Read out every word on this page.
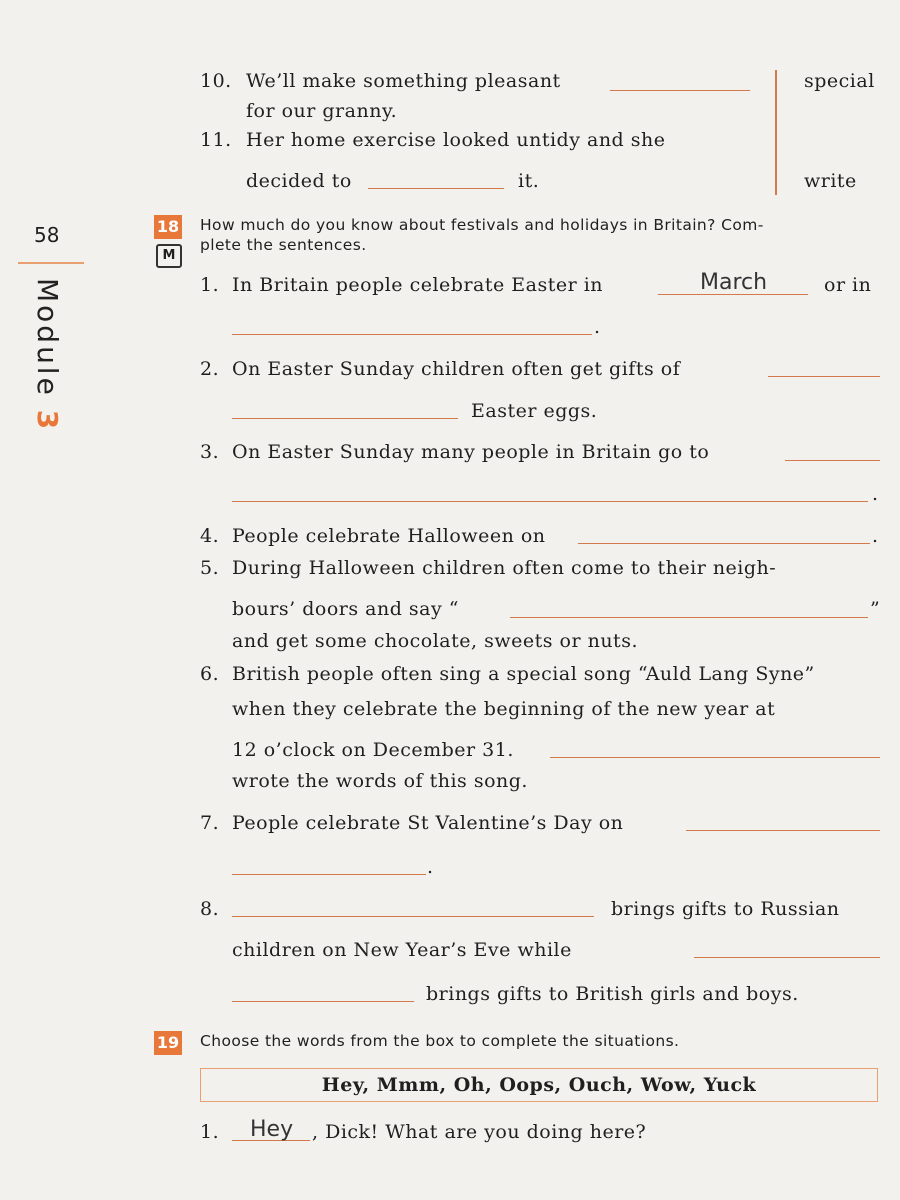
58
Module 3
10. We’ll make something pleasant
for our granny.
special
11. Her home exercise looked untidy and she
decided to	it.	write
18
M
How much do you know about festivals and holidays in Britain? Com-
plete the sentences.
1. In Britain people celebrate Easter in	March	or in
.
2. On Easter Sunday children often get gifts of
Easter eggs.
3. On Easter Sunday many people in Britain go to
.
4. People celebrate Halloween on	.
5. During Halloween children often come to their neigh-
bours’ doors and say “	”
and get some chocolate, sweets or nuts.
6. British people often sing a special song “Auld Lang Syne”
when they celebrate the beginning of the new year at
12 o’clock on December 31.
wrote the words of this song.
7. People celebrate St Valentine’s Day on
.
8.	brings gifts to Russian
children on New Year’s Eve while
brings gifts to British girls and boys.
19 Choose the words from the box to complete the situations.
Hey, Mmm, Oh, Oops, Ouch, Wow, Yuck
1. Hey , Dick! What are you doing here?
